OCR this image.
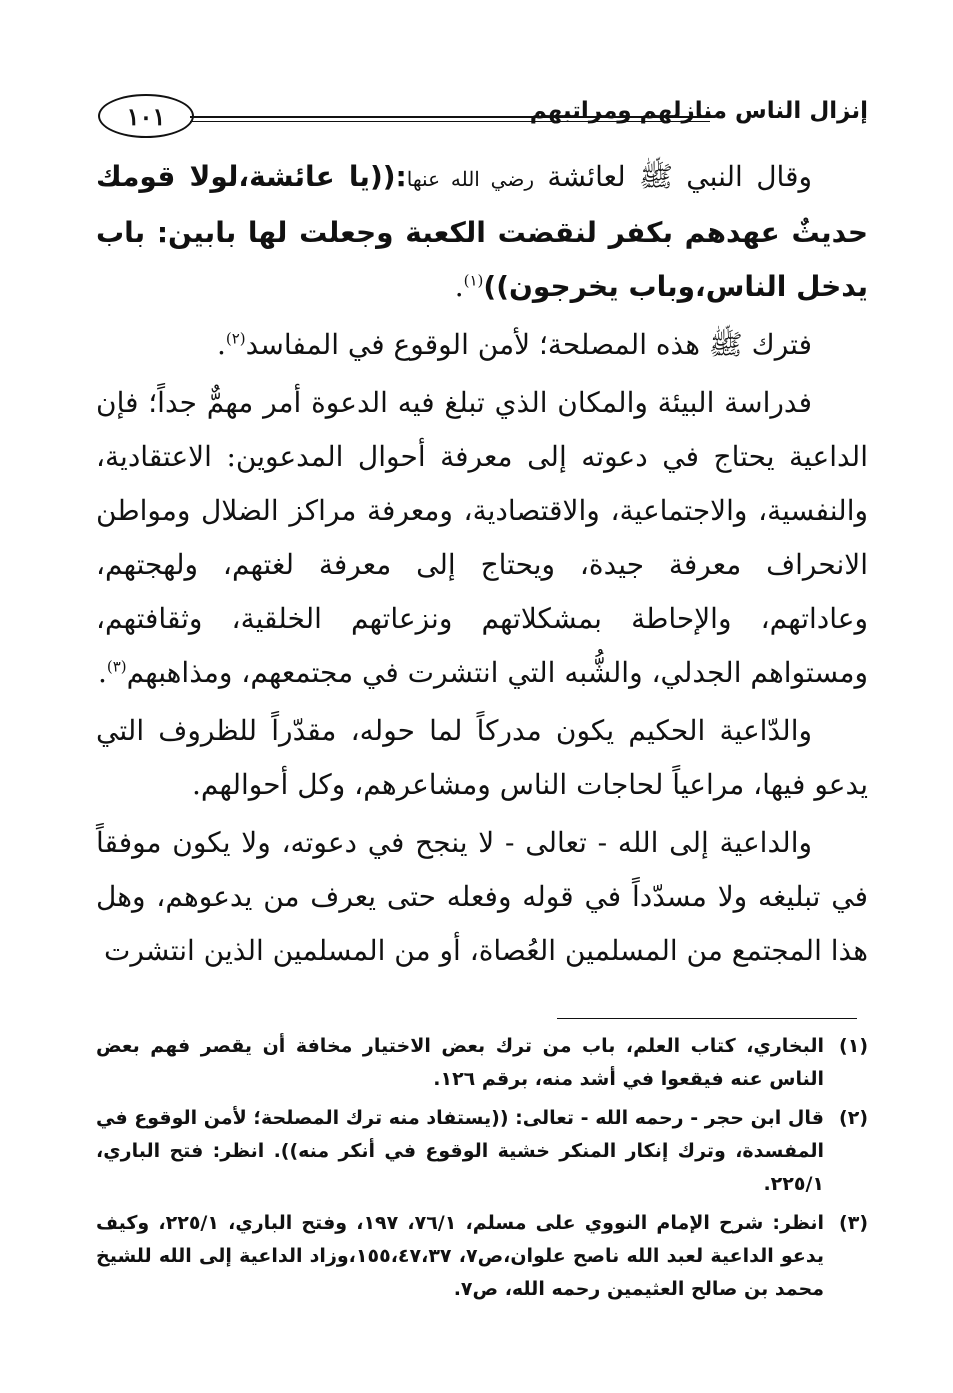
١٠١	إنزال الناس منازلهم ومراتبهم

وقال النبي ﷺ لعائشة رضي الله عنها:((يا عائشة،لولا قومك حديثٌ عهدهم بكفر لنقضت الكعبة وجعلت لها بابين: باب يدخل الناس،وباب يخرجون))$^{(١)}$.

فترك ﷺ هذه المصلحة؛ لأمن الوقوع في المفاسد$^{(٢)}$.

فدراسة البيئة والمكان الذي تبلغ فيه الدعوة أمر مهمٌّ جداً؛ فإن الداعية يحتاج في دعوته إلى معرفة أحوال المدعوين: الاعتقادية، والنفسية، والاجتماعية، والاقتصادية، ومعرفة مراكز الضلال ومواطن الانحراف معرفة جيدة، ويحتاج إلى معرفة لغتهم، ولهجتهم، وعاداتهم، والإحاطة بمشكلاتهم ونزعاتهم الخلقية، وثقافتهم، ومستواهم الجدلي، والشُّبه التي انتشرت في مجتمعهم، ومذاهبهم$^{(٣)}$.

والدّاعية الحكيم يكون مدركاً لما حوله، مقدّراً للظروف التي يدعو فيها، مراعياً لحاجات الناس ومشاعرهم، وكل أحوالهم.

والداعية إلى الله - تعالى - لا ينجح في دعوته، ولا يكون موفقاً في تبليغه ولا مسدّداً في قوله وفعله حتى يعرف من يدعوهم، وهل هذا المجتمع من المسلمين العُصاة، أو من المسلمين الذين انتشرت

(١)
البخاري، كتاب العلم، باب من ترك بعض الاختيار مخافة أن يقصر فهم بعض الناس عنه فيقعوا في أشد منه، برقم ١٢٦.
(٢)
قال ابن حجر - رحمه الله - تعالى: ((يستفاد منه ترك المصلحة؛ لأمن الوقوع في المفسدة، وترك إنكار المنكر خشية الوقوع في أنكر منه)). انظر: فتح الباري، ٢٢٥/١.
(٣)
انظر: شرح الإمام النووي على مسلم، ٧٦/١، ١٩٧، وفتح الباري، ٢٢٥/١، وكيف يدعو الداعية لعبد الله ناصح علوان،ص٧، ١٥٥،٤٧،٣٧،وزاد الداعية إلى الله للشيخ محمد بن صالح العثيمين رحمه الله، ص٧.
